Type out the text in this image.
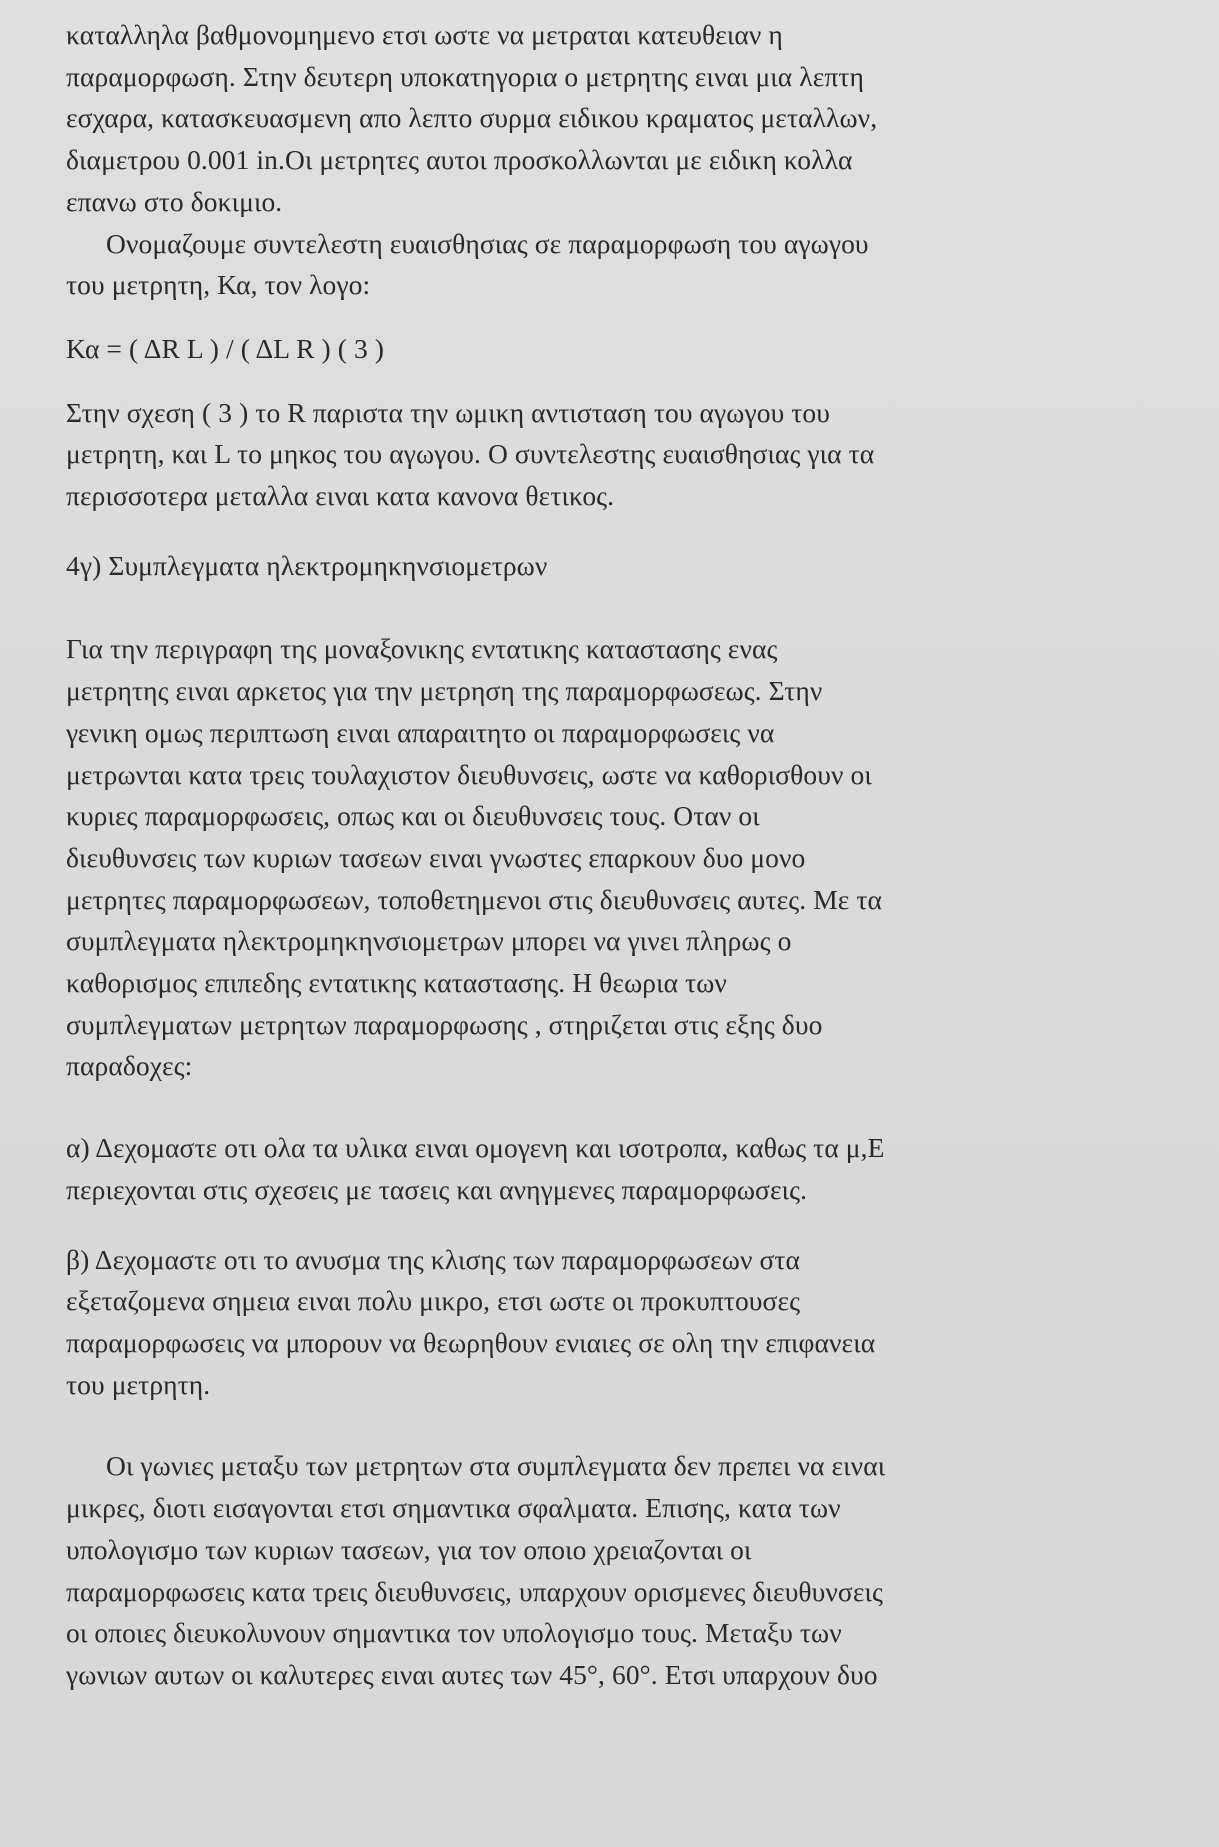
καταλληλα βαθμονομημενο ετσι ωστε να μετραται κατευθειαν η
παραμορφωση. Στην δευτερη υποκατηγορια ο μετρητης ειναι μια λεπτη
εσχαρα, κατασκευασμενη απο λεπτο συρμα ειδικου κραματος μεταλλων,
διαμετρου 0.001 in.Οι μετρητες αυτοι προσκολλωνται με ειδικη κολλα
επανω στο δοκιμιο.
Ονομαζουμε συντελεστη ευαισθησιας σε παραμορφωση του αγωγου
του μετρητη, Κα, τον λογο:
Κα = ( ΔR L ) / ( ΔL R ) ( 3 )
Στην σχεση ( 3 ) το R παριστα την ωμικη αντισταση του αγωγου του
μετρητη, και L το μηκος του αγωγου. Ο συντελεστης ευαισθησιας για τα
περισσοτερα μεταλλα ειναι κατα κανονα θετικος.
4γ) Συμπλεγματα ηλεκτρομηκηνσιομετρων
Για την περιγραφη της μοναξονικης εντατικης καταστασης ενας
μετρητης ειναι αρκετος για την μετρηση της παραμορφωσεως. Στην
γενικη ομως περιπτωση ειναι απαραιτητο οι παραμορφωσεις να
μετρωνται κατα τρεις τουλαχιστον διευθυνσεις, ωστε να καθορισθουν οι
κυριες παραμορφωσεις, οπως και οι διευθυνσεις τους. Οταν οι
διευθυνσεις των κυριων τασεων ειναι γνωστες επαρκουν δυο μονο
μετρητες παραμορφωσεων, τοποθετημενοι στις διευθυνσεις αυτες. Με τα
συμπλεγματα ηλεκτρομηκηνσιομετρων μπορει να γινει πληρως ο
καθορισμος επιπεδης εντατικης καταστασης. Η θεωρια των
συμπλεγματων μετρητων παραμορφωσης , στηριζεται στις εξης δυο
παραδοχες:
α) Δεχομαστε οτι ολα τα υλικα ειναι ομογενη και ισοτροπα, καθως τα μ,Ε
περιεχονται στις σχεσεις με τασεις και ανηγμενες παραμορφωσεις.
β) Δεχομαστε οτι το ανυσμα της κλισης των παραμορφωσεων στα
εξεταζομενα σημεια ειναι πολυ μικρο, ετσι ωστε οι προκυπτουσες
παραμορφωσεις να μπορουν να θεωρηθουν ενιαιες σε ολη την επιφανεια
του μετρητη.
Οι γωνιες μεταξυ των μετρητων στα συμπλεγματα δεν πρεπει να ειναι
μικρες, διοτι εισαγονται ετσι σημαντικα σφαλματα. Επισης, κατα των
υπολογισμο των κυριων τασεων, για τον οποιο χρειαζονται οι
παραμορφωσεις κατα τρεις διευθυνσεις, υπαρχουν ορισμενες διευθυνσεις
οι οποιες διευκολυνουν σημαντικα τον υπολογισμο τους. Μεταξυ των
γωνιων αυτων οι καλυτερες ειναι αυτες των 45°, 60°. Ετσι υπαρχουν δυο
